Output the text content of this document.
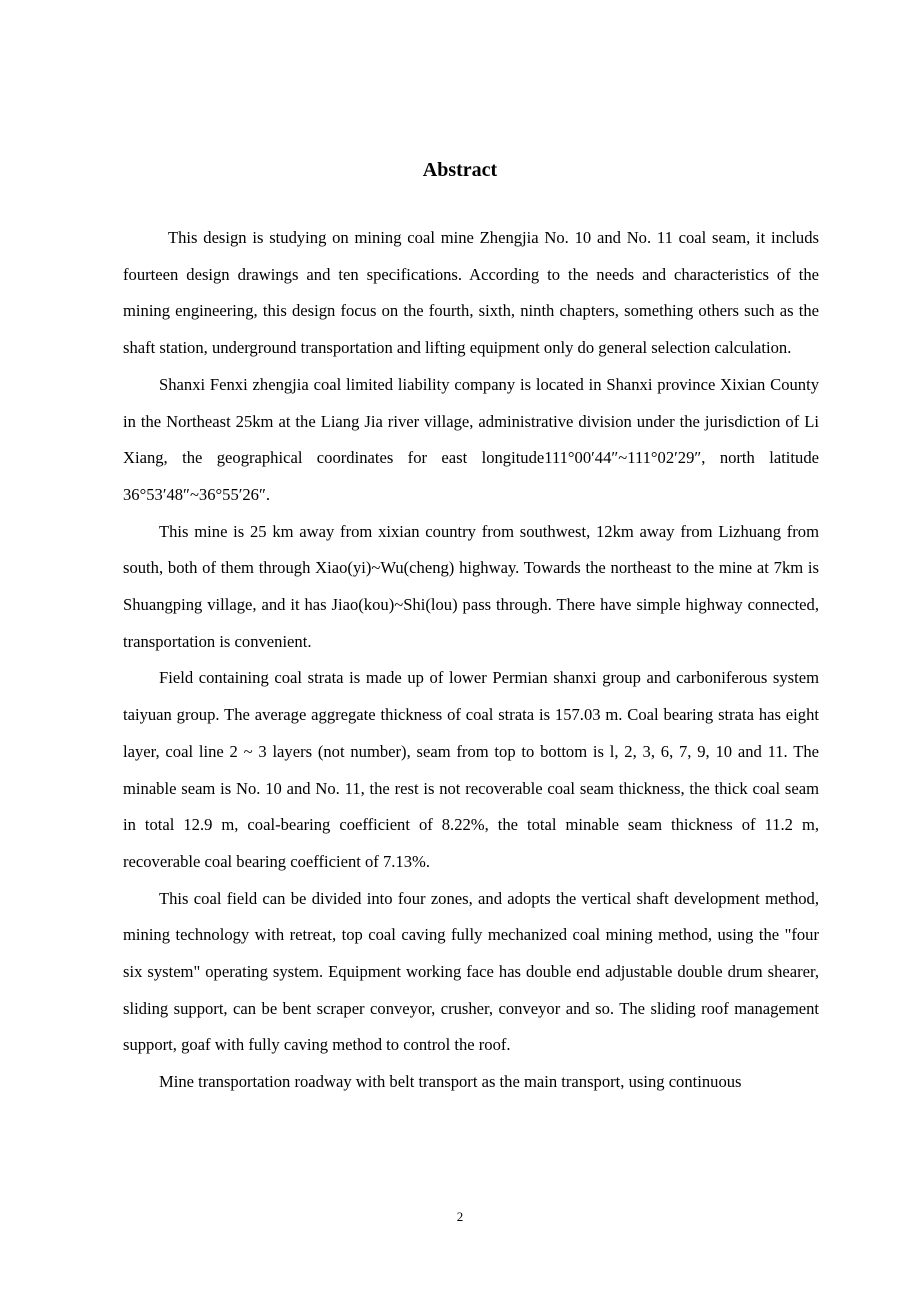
Abstract

This design is studying on mining coal mine Zhengjia No. 10 and No. 11 coal seam, it includs fourteen design drawings and ten specifications. According to the needs and characteristics of the mining engineering, this design focus on the fourth, sixth, ninth chapters, something others such as the shaft station, underground transportation and lifting equipment only do general selection calculation.

Shanxi Fenxi zhengjia coal limited liability company is located in Shanxi province Xixian County in the Northeast 25km at the Liang Jia river village, administrative division under the jurisdiction of Li Xiang, the geographical coordinates for east longitude111°00′44″~111°02′29″, north latitude 36°53′48″~36°55′26″.

This mine is 25 km away from xixian country from southwest, 12km away from Lizhuang from south, both of them through Xiao(yi)~Wu(cheng) highway. Towards the northeast to the mine at 7km is Shuangping village, and it has Jiao(kou)~Shi(lou) pass through. There have simple highway connected, transportation is convenient.

Field containing coal strata is made up of lower Permian shanxi group and carboniferous system taiyuan group. The average aggregate thickness of coal strata is 157.03 m. Coal bearing strata has eight layer, coal line 2 ~ 3 layers (not number), seam from top to bottom is l, 2, 3, 6, 7, 9, 10 and 11. The minable seam is No. 10 and No. 11, the rest is not recoverable coal seam thickness, the thick coal seam in total 12.9 m, coal-bearing coefficient of 8.22%, the total minable seam thickness of 11.2 m, recoverable coal bearing coefficient of 7.13%.

This coal field can be divided into four zones, and adopts the vertical shaft development method, mining technology with retreat, top coal caving fully mechanized coal mining method, using the "four six system" operating system. Equipment working face has double end adjustable double drum shearer, sliding support, can be bent scraper conveyor, crusher, conveyor and so. The sliding roof management support, goaf with fully caving method to control the roof.

Mine transportation roadway with belt transport as the main transport, using continuous

2
